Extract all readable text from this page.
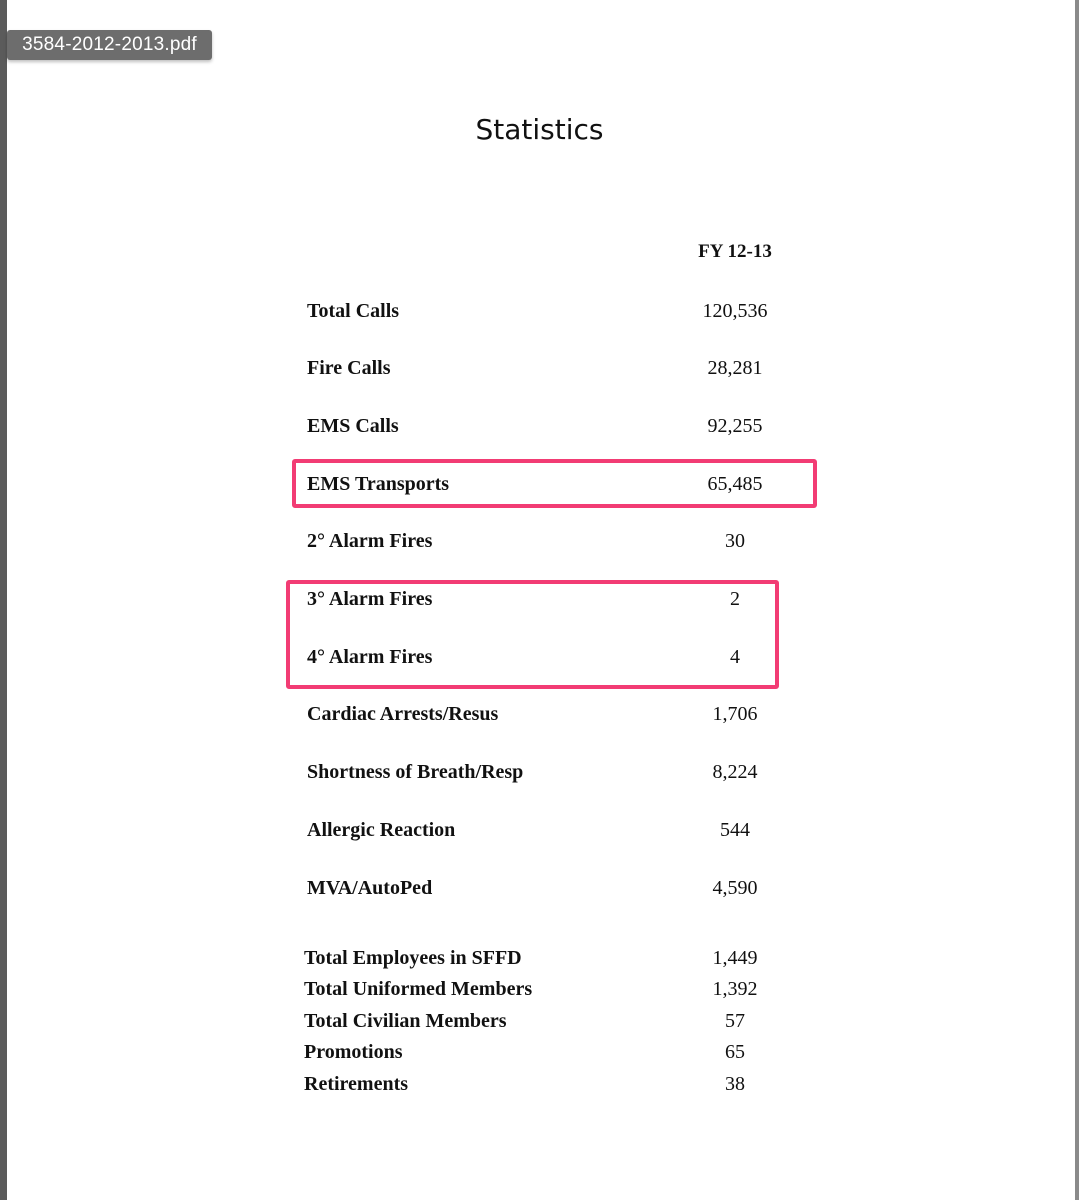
3584-2012-2013.pdf
Statistics
FY 12-13
Total Calls	120,536
Fire Calls	28,281
EMS Calls	92,255
EMS Transports	65,485
2° Alarm Fires	30
3° Alarm Fires	2
4° Alarm Fires	4
Cardiac Arrests/Resus	1,706
Shortness of Breath/Resp	8,224
Allergic Reaction	544
MVA/AutoPed	4,590
Total Employees in SFFD	1,449
Total Uniformed Members	1,392
Total Civilian Members	57
Promotions	65
Retirements	38
